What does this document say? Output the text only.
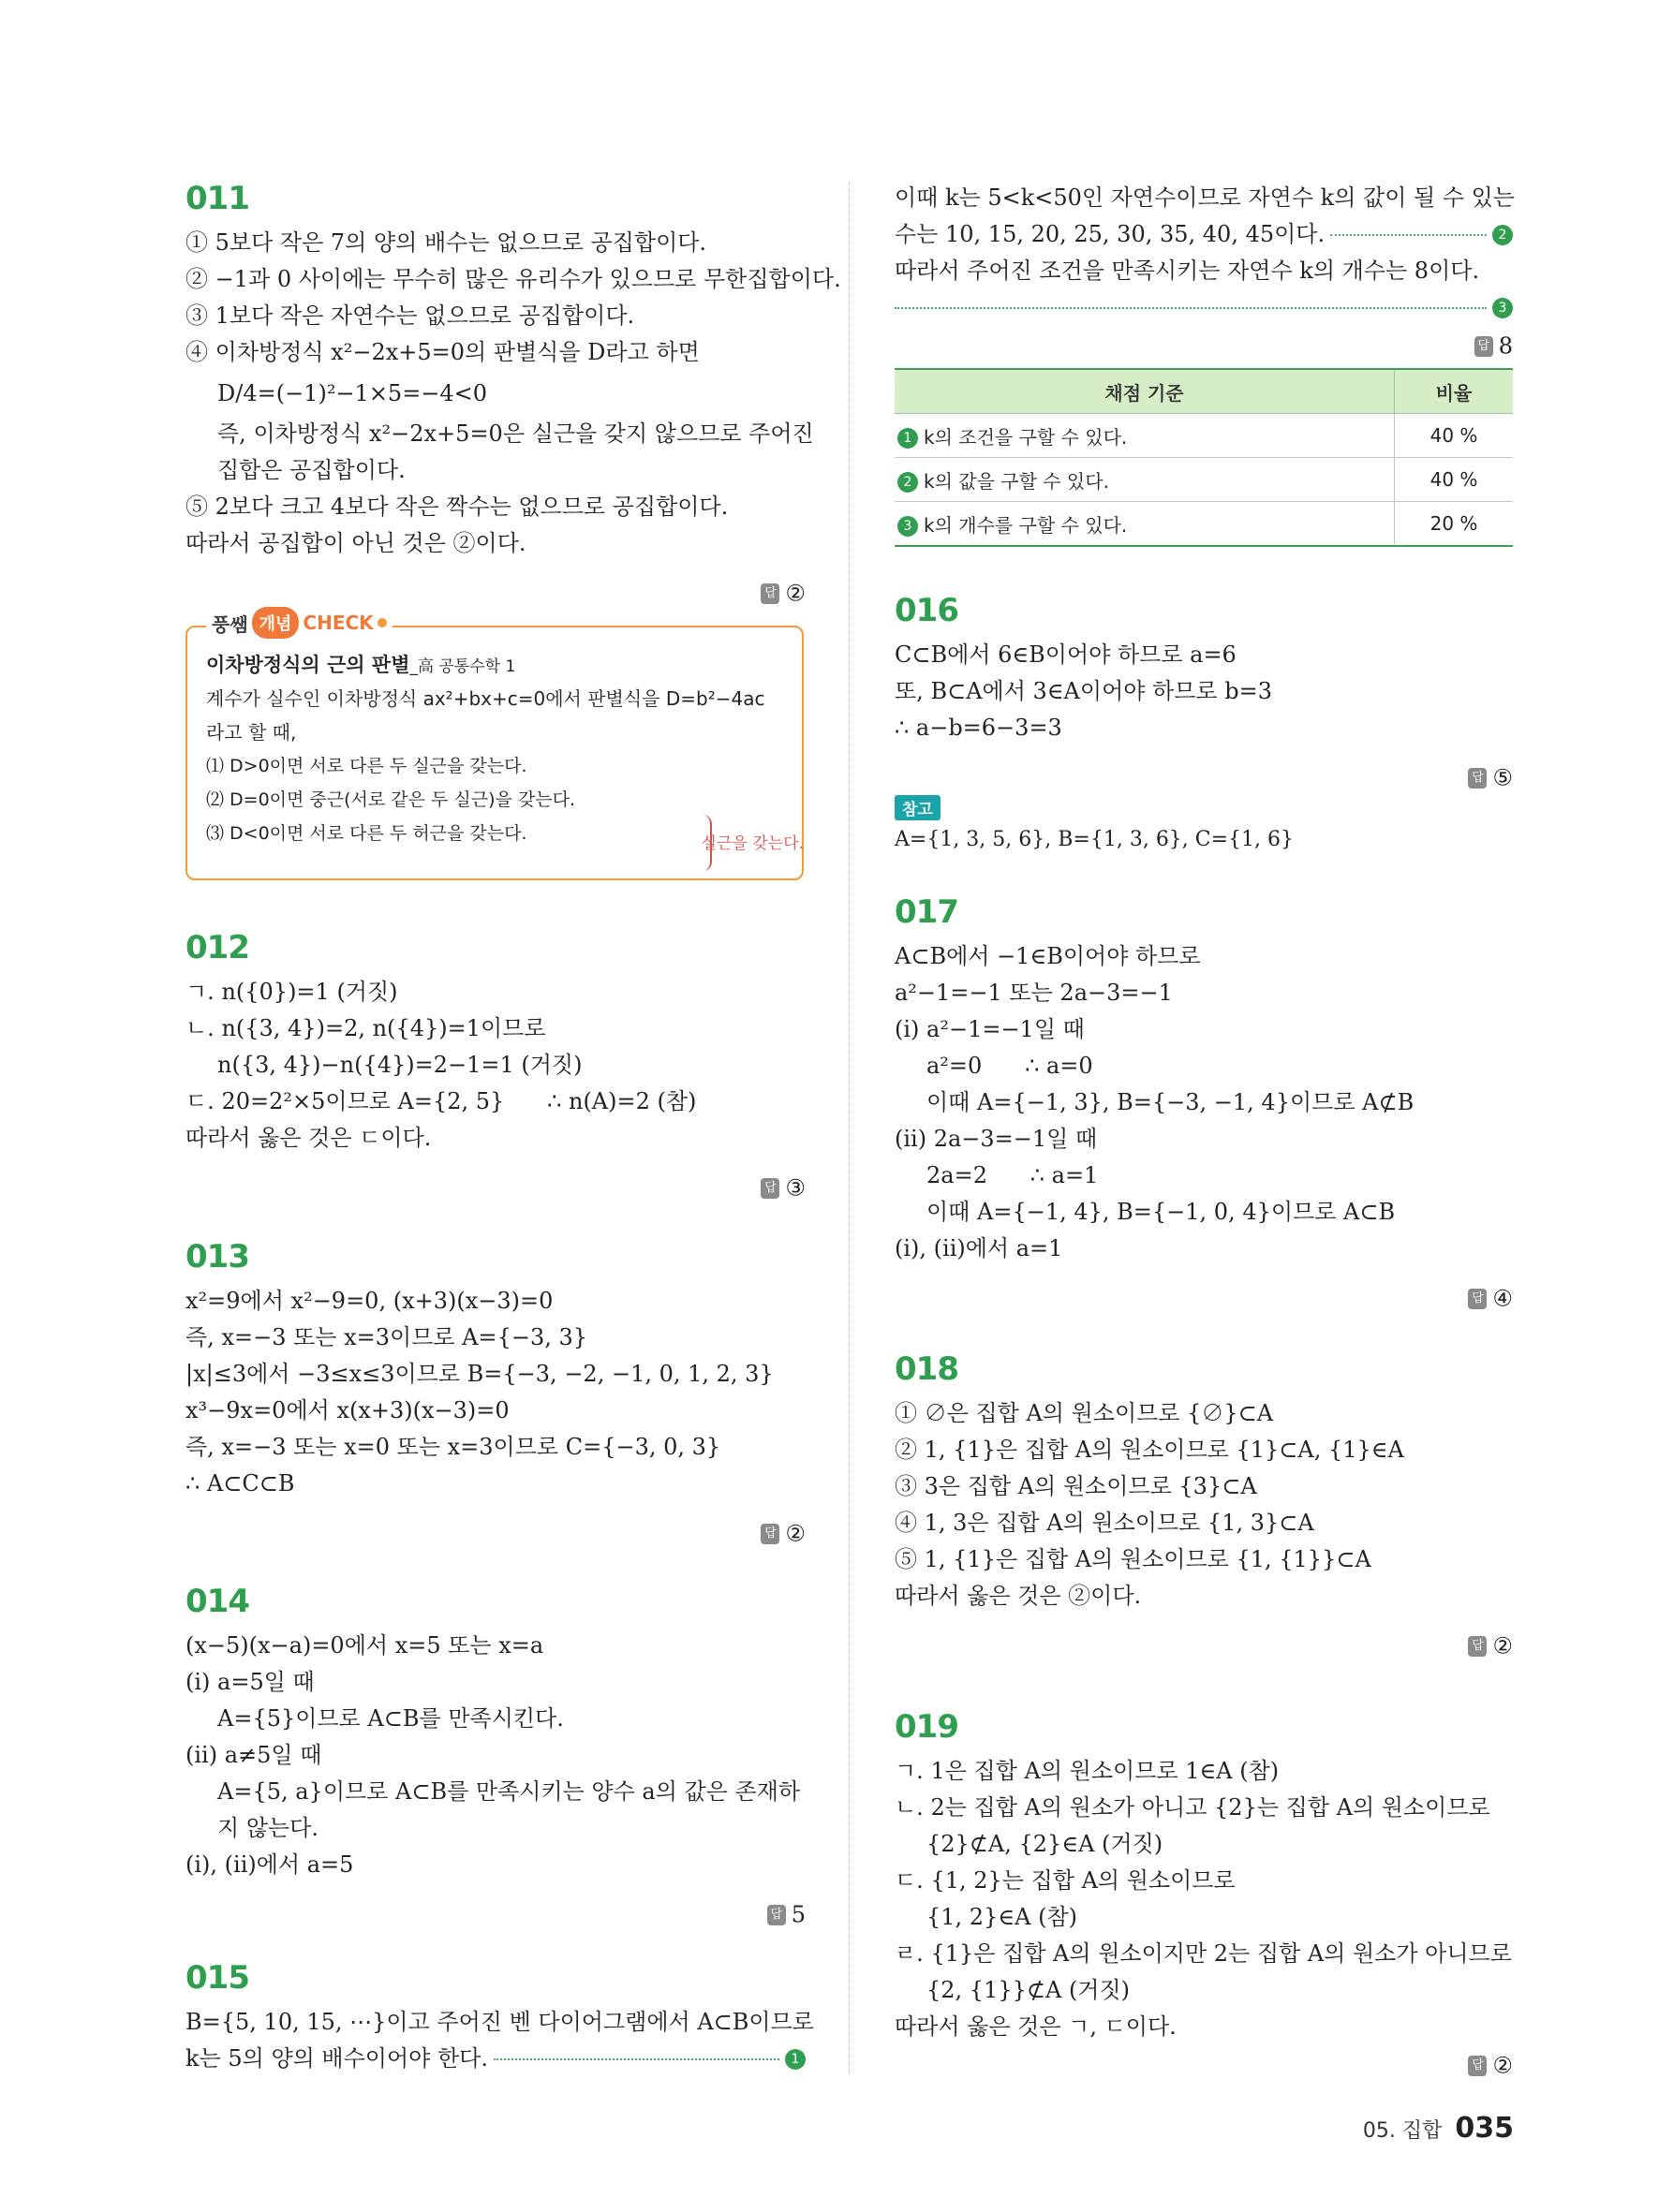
011
① 5보다 작은 7의 양의 배수는 없으므로 공집합이다.
② −1과 0 사이에는 무수히 많은 유리수가 있으므로 무한집합이다.
③ 1보다 작은 자연수는 없으므로 공집합이다.
④ 이차방정식 x²−2x+5=0의 판별식을 D라고 하면
D/4=(−1)²−1×5=−4<0
즉, 이차방정식 x²−2x+5=0은 실근을 갖지 않으므로 주어진
집합은 공집합이다.
⑤ 2보다 크고 4보다 작은 짝수는 없으므로 공집합이다.
따라서 공집합이 아닌 것은 ②이다.
답 ②
풍쌤 개념 CHECK
이차방정식의 근의 판별_高 공통수학 1
계수가 실수인 이차방정식 ax²+bx+c=0에서 판별식을 D=b²−4ac
라고 할 때,
⑴ D>0이면 서로 다른 두 실근을 갖는다.
⑵ D=0이면 중근(서로 같은 두 실근)을 갖는다.
⑶ D<0이면 서로 다른 두 허근을 갖는다.	실근을 갖는다.
012
ㄱ. n({0})=1 (거짓)
ㄴ. n({3, 4})=2, n({4})=1이므로
n({3, 4})−n({4})=2−1=1 (거짓)
ㄷ. 20=2²×5이므로 A={2, 5}      ∴ n(A)=2 (참)
따라서 옳은 것은 ㄷ이다.
답 ③
013
x²=9에서 x²−9=0, (x+3)(x−3)=0
즉, x=−3 또는 x=3이므로 A={−3, 3}
|x|≤3에서 −3≤x≤3이므로 B={−3, −2, −1, 0, 1, 2, 3}
x³−9x=0에서 x(x+3)(x−3)=0
즉, x=−3 또는 x=0 또는 x=3이므로 C={−3, 0, 3}
∴ A⊂C⊂B
답 ②
014
(x−5)(x−a)=0에서 x=5 또는 x=a
(i) a=5일 때
A={5}이므로 A⊂B를 만족시킨다.
(ii) a≠5일 때
A={5, a}이므로 A⊂B를 만족시키는 양수 a의 값은 존재하
지 않는다.
(i), (ii)에서 a=5
답 5
015
B={5, 10, 15, ⋯}이고 주어진 벤 다이어그램에서 A⊂B이므로
k는 5의 양의 배수이어야 한다.	1
이때 k는 5<k<50인 자연수이므로 자연수 k의 값이 될 수 있는
수는 10, 15, 20, 25, 30, 35, 40, 45이다.	2
따라서 주어진 조건을 만족시키는 자연수 k의 개수는 8이다.
3
답 8
채점 기준	비율
1 k의 조건을 구할 수 있다.	40 %
2 k의 값을 구할 수 있다.	40 %
3 k의 개수를 구할 수 있다.	20 %
016
C⊂B에서 6∈B이어야 하므로 a=6
또, B⊂A에서 3∈A이어야 하므로 b=3
∴ a−b=6−3=3
답 ⑤
참고
A={1, 3, 5, 6}, B={1, 3, 6}, C={1, 6}
017
A⊂B에서 −1∈B이어야 하므로
a²−1=−1 또는 2a−3=−1
(i) a²−1=−1일 때
a²=0      ∴ a=0
이때 A={−1, 3}, B={−3, −1, 4}이므로 A⊄B
(ii) 2a−3=−1일 때
2a=2      ∴ a=1
이때 A={−1, 4}, B={−1, 0, 4}이므로 A⊂B
(i), (ii)에서 a=1
답 ④
018
① ∅은 집합 A의 원소이므로 {∅}⊂A
② 1, {1}은 집합 A의 원소이므로 {1}⊂A, {1}∈A
③ 3은 집합 A의 원소이므로 {3}⊂A
④ 1, 3은 집합 A의 원소이므로 {1, 3}⊂A
⑤ 1, {1}은 집합 A의 원소이므로 {1, {1}}⊂A
따라서 옳은 것은 ②이다.
답 ②
019
ㄱ. 1은 집합 A의 원소이므로 1∈A (참)
ㄴ. 2는 집합 A의 원소가 아니고 {2}는 집합 A의 원소이므로
{2}⊄A, {2}∈A (거짓)
ㄷ. {1, 2}는 집합 A의 원소이므로
{1, 2}∈A (참)
ㄹ. {1}은 집합 A의 원소이지만 2는 집합 A의 원소가 아니므로
{2, {1}}⊄A (거짓)
따라서 옳은 것은 ㄱ, ㄷ이다.
답 ②
05. 집합 035
